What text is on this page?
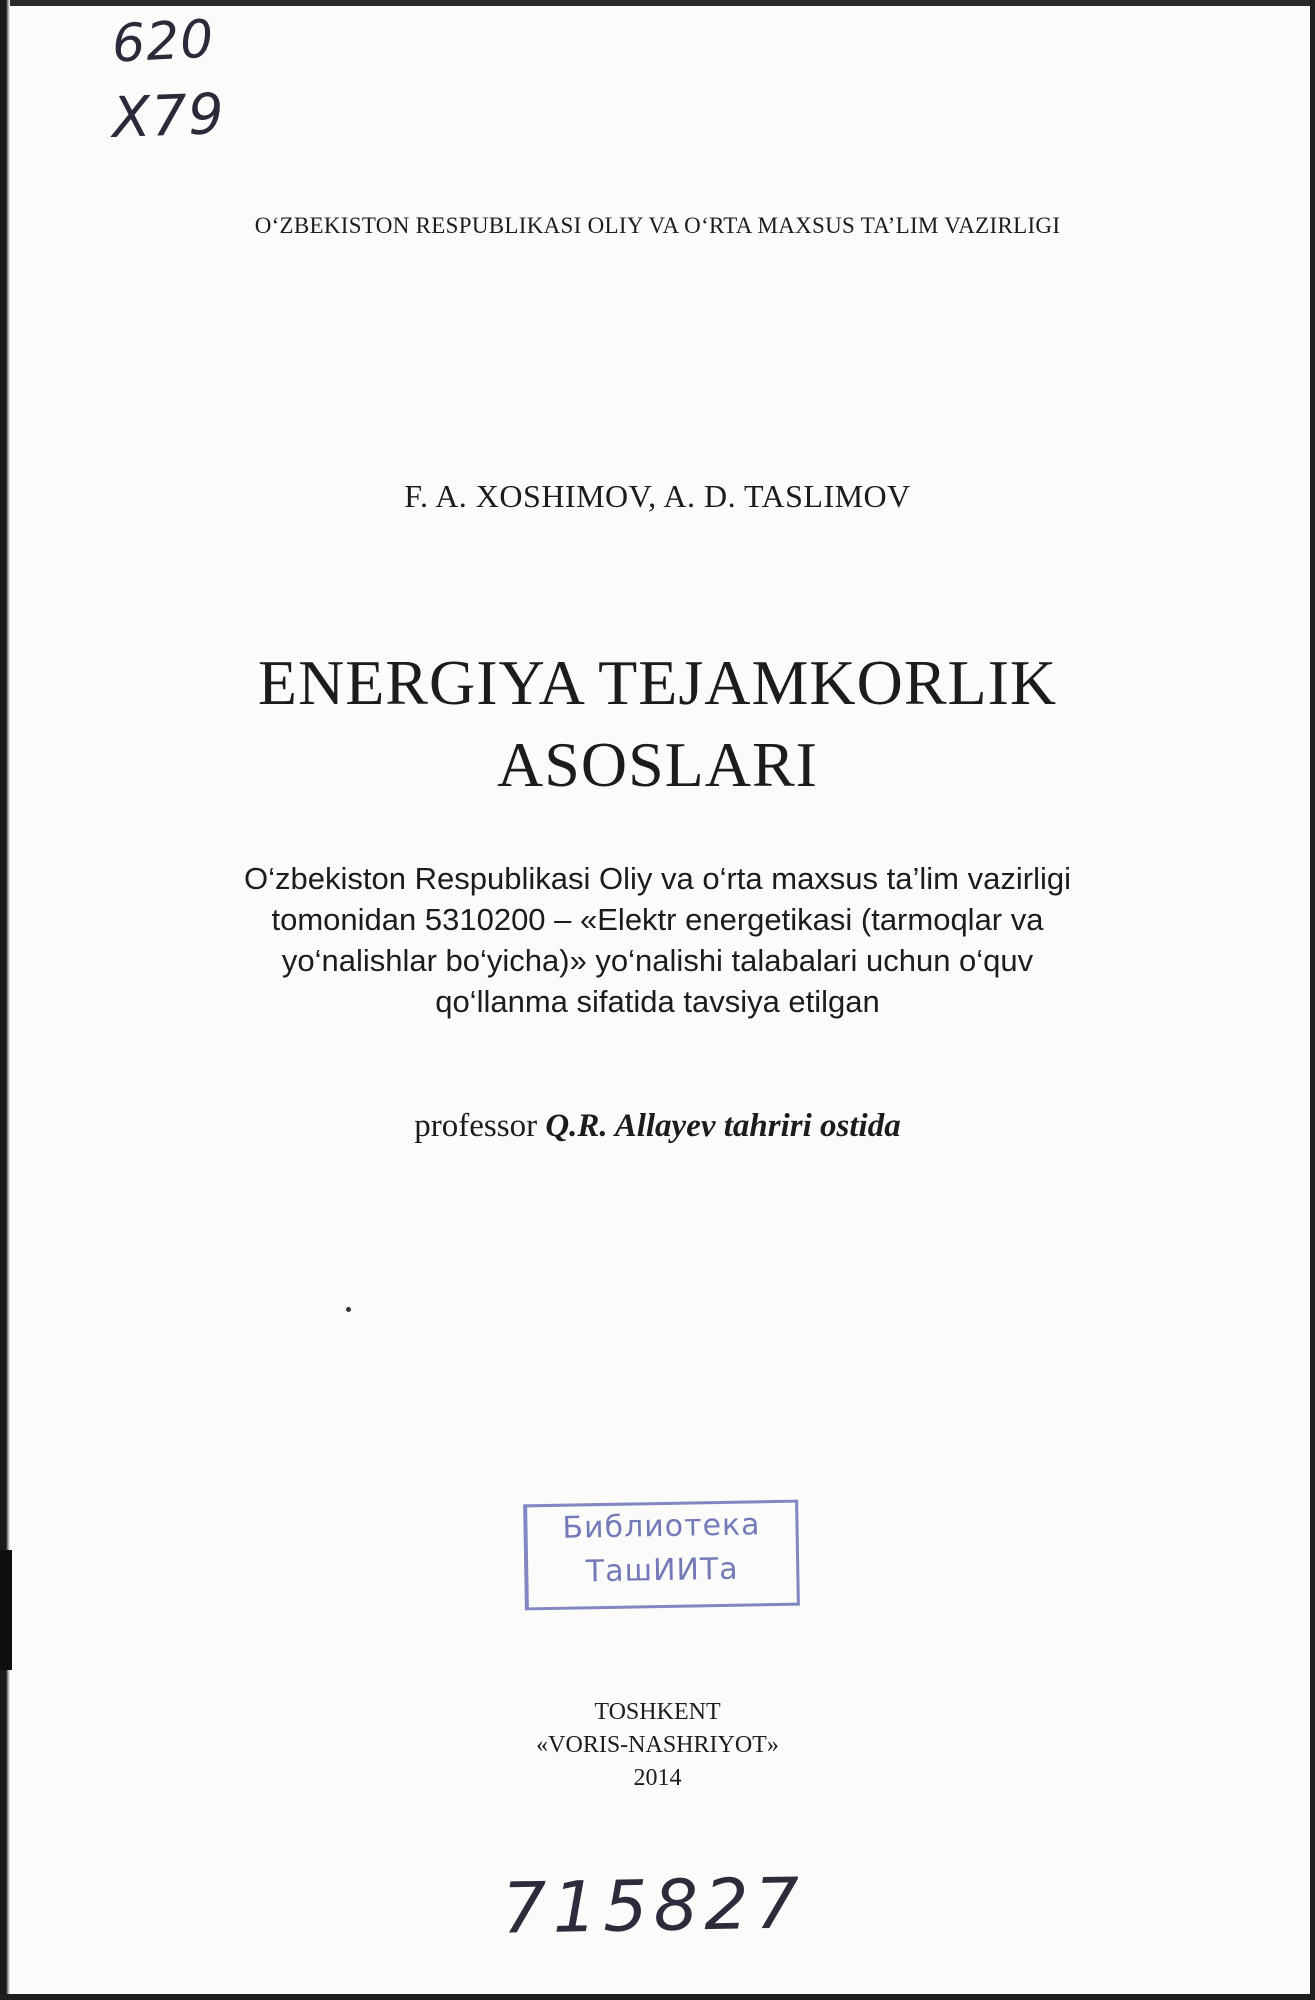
620
X79
O‘ZBEKISTON RESPUBLIKASI OLIY VA O‘RTA MAXSUS TA’LIM VAZIRLIGI
F. A. XOSHIMOV, A. D. TASLIMOV
ENERGIYA TEJAMKORLIK
ASOSLARI
O‘zbekiston Respublikasi Oliy va o‘rta maxsus ta’lim vazirligi
tomonidan 5310200 – «Elektr energetikasi (tarmoqlar va
yo‘nalishlar bo‘yicha)» yo‘nalishi talabalari uchun o‘quv
qo‘llanma sifatida tavsiya etilgan
professor Q.R. Allayev tahriri ostida
Библиотека
ТашИИТа
TOSHKENT
«VORIS-NASHRIYOT»
2014
715827
